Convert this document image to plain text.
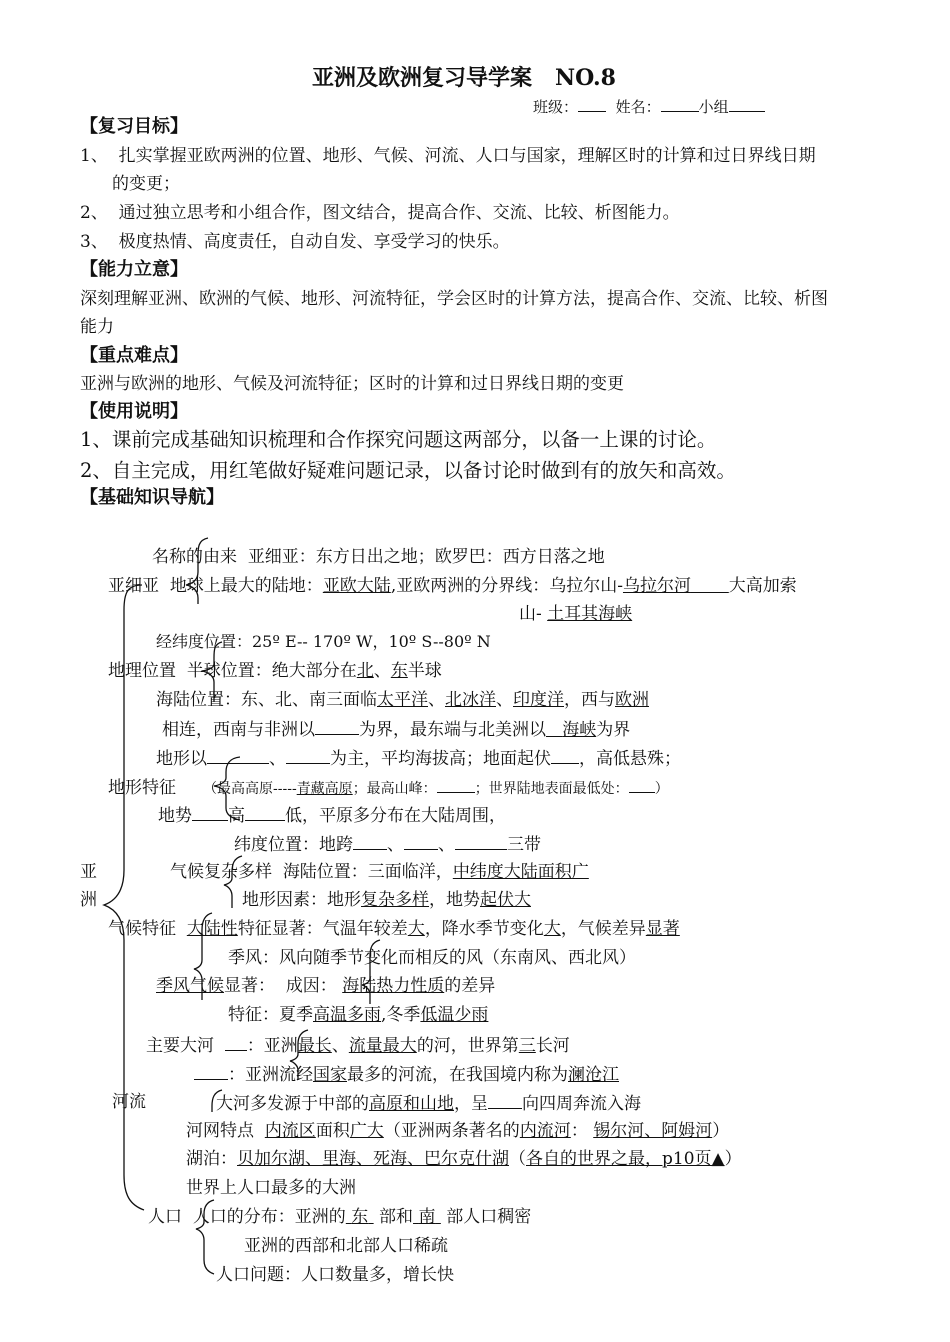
亚洲及欧洲复习导学案 NO.8
班级：	姓名：	小组
【复习目标】
1、 扎实掌握亚欧两洲的位置、地形、气候、河流、人口与国家，理解区时的计算和过日界线日期
的变更；
2、 通过独立思考和小组合作，图文结合，提高合作、交流、比较、析图能力。
3、 极度热情、高度责任，自动自发、享受学习的快乐。
【能力立意】
深刻理解亚洲、欧洲的气候、地形、河流特征，学会区时的计算方法，提高合作、交流、比较、析图
能力
【重点难点】
亚洲与欧洲的地形、气候及河流特征；区时的计算和过日界线日期的变更
【使用说明】
1、课前完成基础知识梳理和合作探究问题这两部分，以备一上课的讨论。
2、自主完成，用红笔做好疑难问题记录，以备讨论时做到有的放矢和高效。
【基础知识导航】
名称的由来 亚细亚：东方日出之地；欧罗巴：西方日落之地
亚细亚 地球上最大的陆地：亚欧大陆,亚欧两洲的分界线：乌拉尔山-乌拉尔河 大高加索
山- 土耳其海峡
经纬度位置：25º E-- 170º W，10º S--80º N
地理位置 半球位置：绝大部分在北、东半球
海陆位置：东、北、南三面临太平洋、北冰洋、印度洋，西与欧洲
相连，西南与非洲以	为界，最东端与北美洲以 海峡为界
地形以	、	为主，平均海拔高；地面起伏 ，高低悬殊；
地形特征 （最高高原-----青藏高原；最高山峰：	；世界陆地表面最低处： ）
地势 高 低，平原多分布在大陆周围，
纬度位置：地跨 、 、	三带
亚
洲
气候复杂多样 海陆位置：三面临洋，中纬度大陆面积广
地形因素：地形复杂多样，地势起伏大
气候特征 大陆性特征显著：气温年较差大，降水季节变化大，气候差异显著
季风：风向随季节变化而相反的风（东南风、西北风）
季风气候显著： 成因： 海陆热力性质的差异
特征：夏季高温多雨,冬季低温少雨
主要大河 ：亚洲最长、流量最大的河，世界第三长河
：亚洲流经国家最多的河流，在我国境内称为澜沧江
河流	大河多发源于中部的高原和山地，呈 向四周奔流入海
河网特点 内流区面积广大（亚洲两条著名的内流河： 锡尔河、阿姆河）
湖泊：贝加尔湖、里海、死海、巴尔克什湖（各自的世界之最，p10页▲）
世界上人口最多的大洲
人口 人口的分布：亚洲的 东 部和 南 部人口稠密
亚洲的西部和北部人口稀疏
人口问题：人口数量多，增长快
